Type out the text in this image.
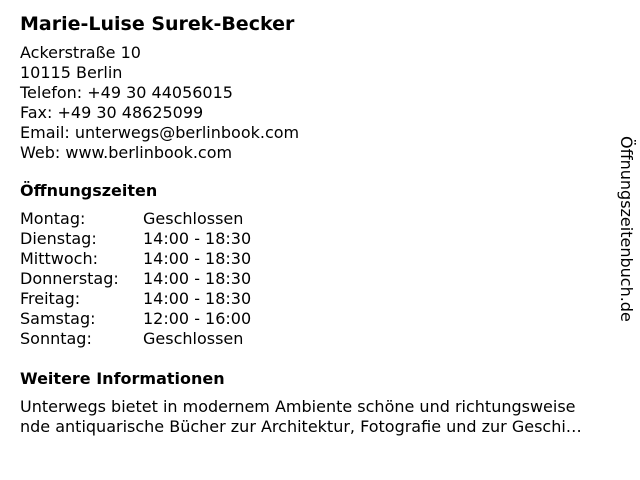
Marie-Luise Surek-Becker
Ackerstraße 10
10115 Berlin
Telefon: +49 30 44056015
Fax: +49 30 48625099
Email: unterwegs@berlinbook.com
Web: www.berlinbook.com
Öffnungszeiten
Montag:	Geschlossen
Dienstag:	14:00 - 18:30
Mittwoch:	14:00 - 18:30
Donnerstag:	14:00 - 18:30
Freitag:	14:00 - 18:30
Samstag:	12:00 - 16:00
Sonntag:	Geschlossen
Weitere Informationen
Unterwegs bietet in modernem Ambiente schöne und richtungsweise
nde antiquarische Bücher zur Architektur, Fotografie und zur Geschi…
Öffnungszeitenbuch.de
